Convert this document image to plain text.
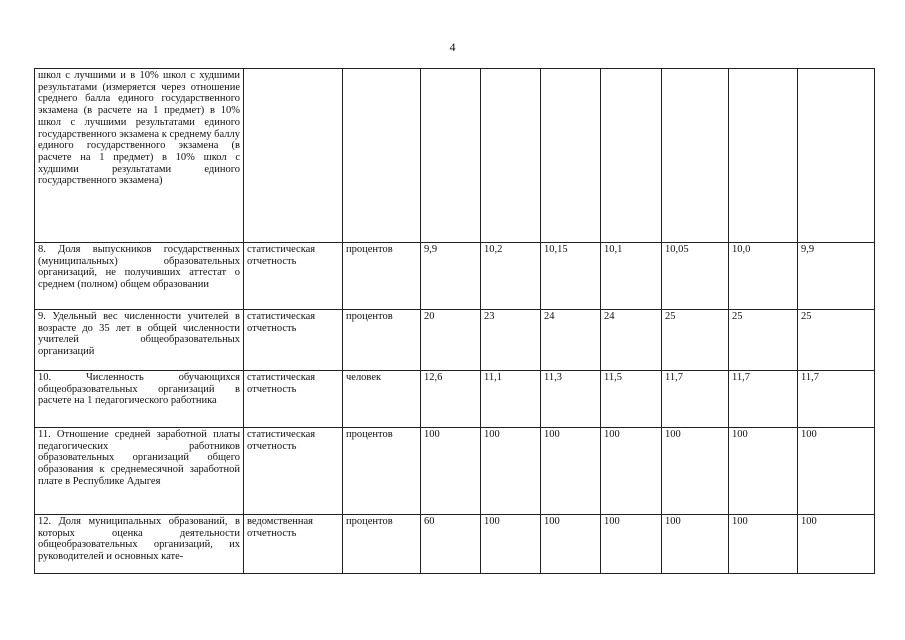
4
школ с лучшими и в 10% школ с худшими результатами (измеряется через отношение среднего балла единого государственного экзамена (в расчете на 1 предмет) в 10% школ с лучшими результатами единого государственного экзамена к среднему баллу единого государственного экзамена (в расчете на 1 предмет) в 10% школ с худшими результатами единого государственного экзамена)									

8. Доля выпускников государственных (муниципальных) образовательных организаций, не получивших аттестат о среднем (полном) общем образовании	статистическая отчетность	процентов	9,9	10,2	10,15	10,1	10,05	10,0	9,9

9. Удельный вес численности учителей в возрасте до 35 лет в общей численности учителей общеобразовательных организаций	статистическая отчетность	процентов	20	23	24	24	25	25	25

10. Численность обучающихся общеобразовательных организаций в расчете на 1 педагогического работника	статистическая отчетность	человек	12,6	11,1	11,3	11,5	11,7	11,7	11,7

11. Отношение средней заработной платы педагогических работников образовательных организаций общего образования к среднемесячной заработной плате в Республике Адыгея	статистическая отчетность	процентов	100	100	100	100	100	100	100

12. Доля муниципальных образований, в которых оценка деятельности общеобразовательных организаций, их руководителей и основных кате-	ведомственная отчетность	процентов	60	100	100	100	100	100	100
